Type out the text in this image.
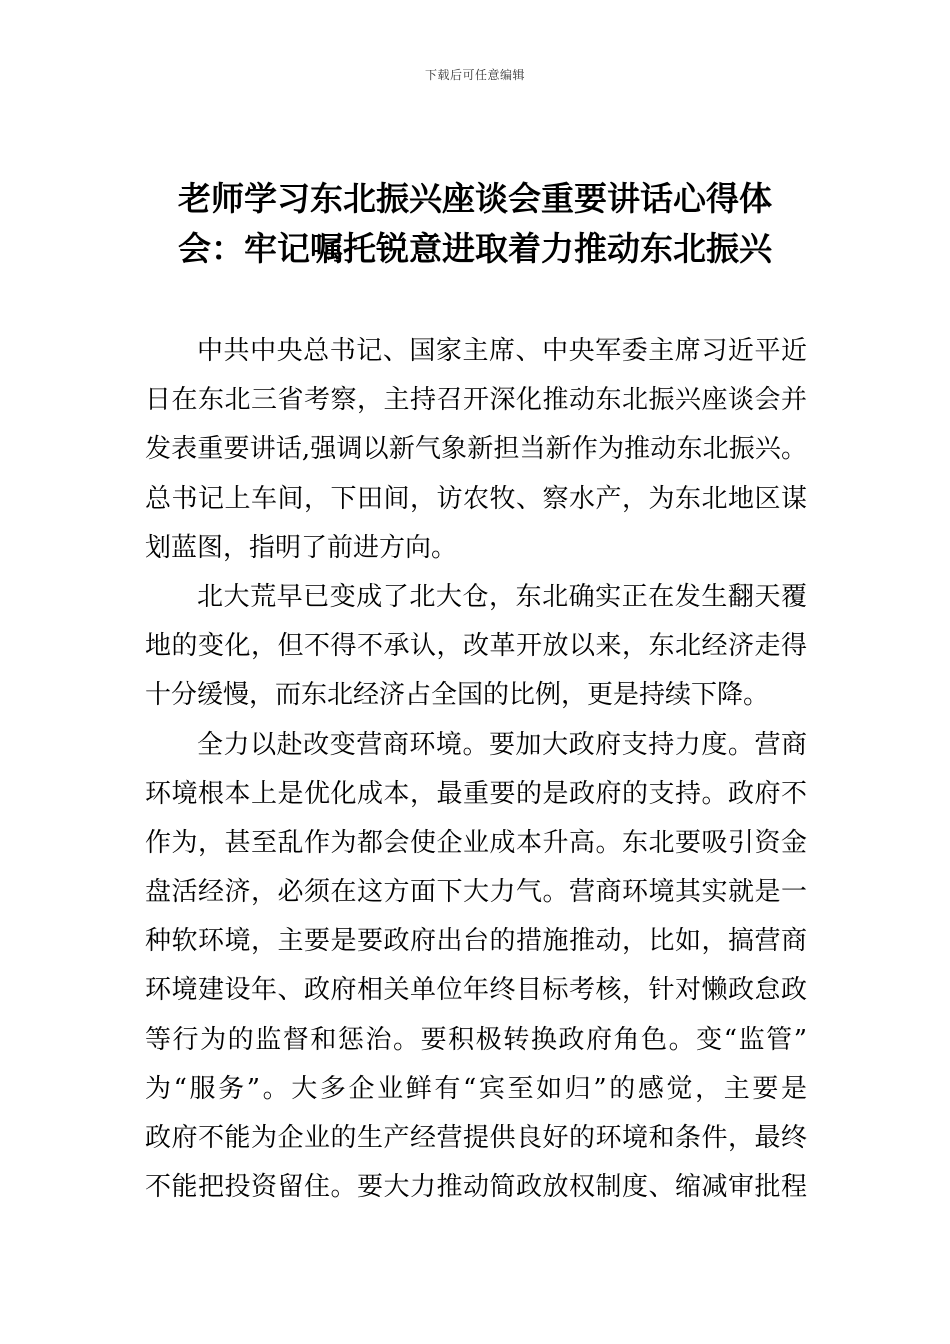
下载后可任意编辑
老师学习东北振兴座谈会重要讲话心得体
会：牢记嘱托锐意进取着力推动东北振兴
中共中央总书记、国家主席、中央军委主席习近平近
日在东北三省考察，主持召开深化推动东北振兴座谈会并
发表重要讲话,强调以新气象新担当新作为推动东北振兴。
总书记上车间，下田间，访农牧、察水产，为东北地区谋
划蓝图，指明了前进方向。
北大荒早已变成了北大仓，东北确实正在发生翻天覆
地的变化，但不得不承认，改革开放以来，东北经济走得
十分缓慢，而东北经济占全国的比例，更是持续下降。
全力以赴改变营商环境。要加大政府支持力度。营商
环境根本上是优化成本，最重要的是政府的支持。政府不
作为，甚至乱作为都会使企业成本升高。东北要吸引资金
盘活经济，必须在这方面下大力气。营商环境其实就是一
种软环境，主要是要政府出台的措施推动，比如，搞营商
环境建设年、政府相关单位年终目标考核，针对懒政怠政
等行为的监督和惩治。要积极转换政府角色。变“监管”
为“服务”。大多企业鲜有“宾至如归”的感觉，主要是
政府不能为企业的生产经营提供良好的环境和条件，最终
不能把投资留住。要大力推动简政放权制度、缩减审批程
